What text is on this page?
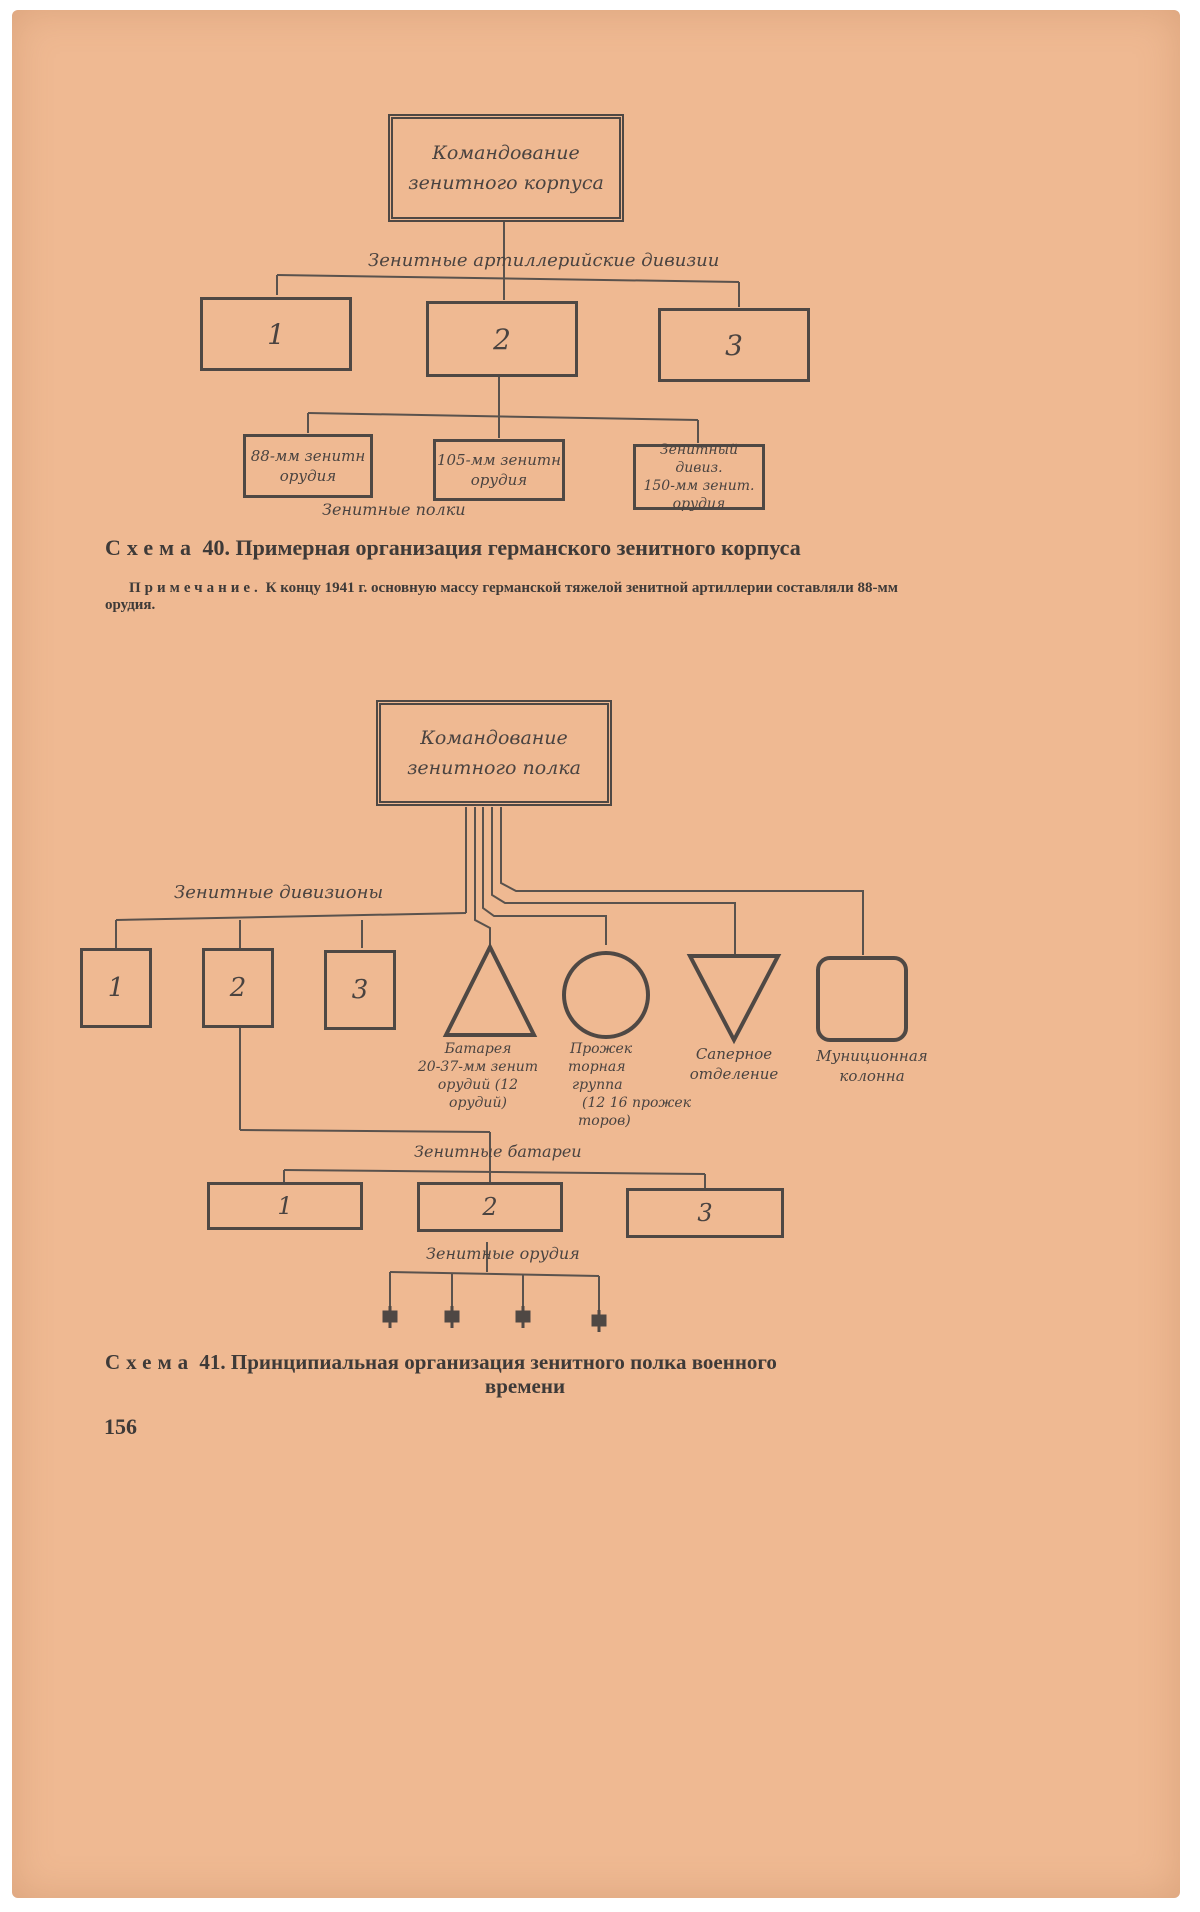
Командование
зенитного корпуса
Зенитные артиллерийские дивизии
1	2	3
88-мм зенитн
орудия
105-мм зенитн
орудия
Зенитный дивиз.
150-мм зенит.
орудия
Зенитные полки
Схема 40. Примерная организация германского зенитного корпуса
Примечание. К концу 1941 г. основную массу германской тяжелой зенитной артиллерии составляли 88-мм орудия.
Командование
зенитного полка
Зенитные дивизионы
1	2	3
Батарея
20-37-мм зенит
орудий (12 орудий)
Прожек
торная
группа
(12 16 прожек
торов)
Саперное
отделение
Мунициoнная
колонна
Зенитные батареи
1	2	3
Зенитные орудия
Схема 41. Принципиальная организация зенитного полка военного
времени
156
